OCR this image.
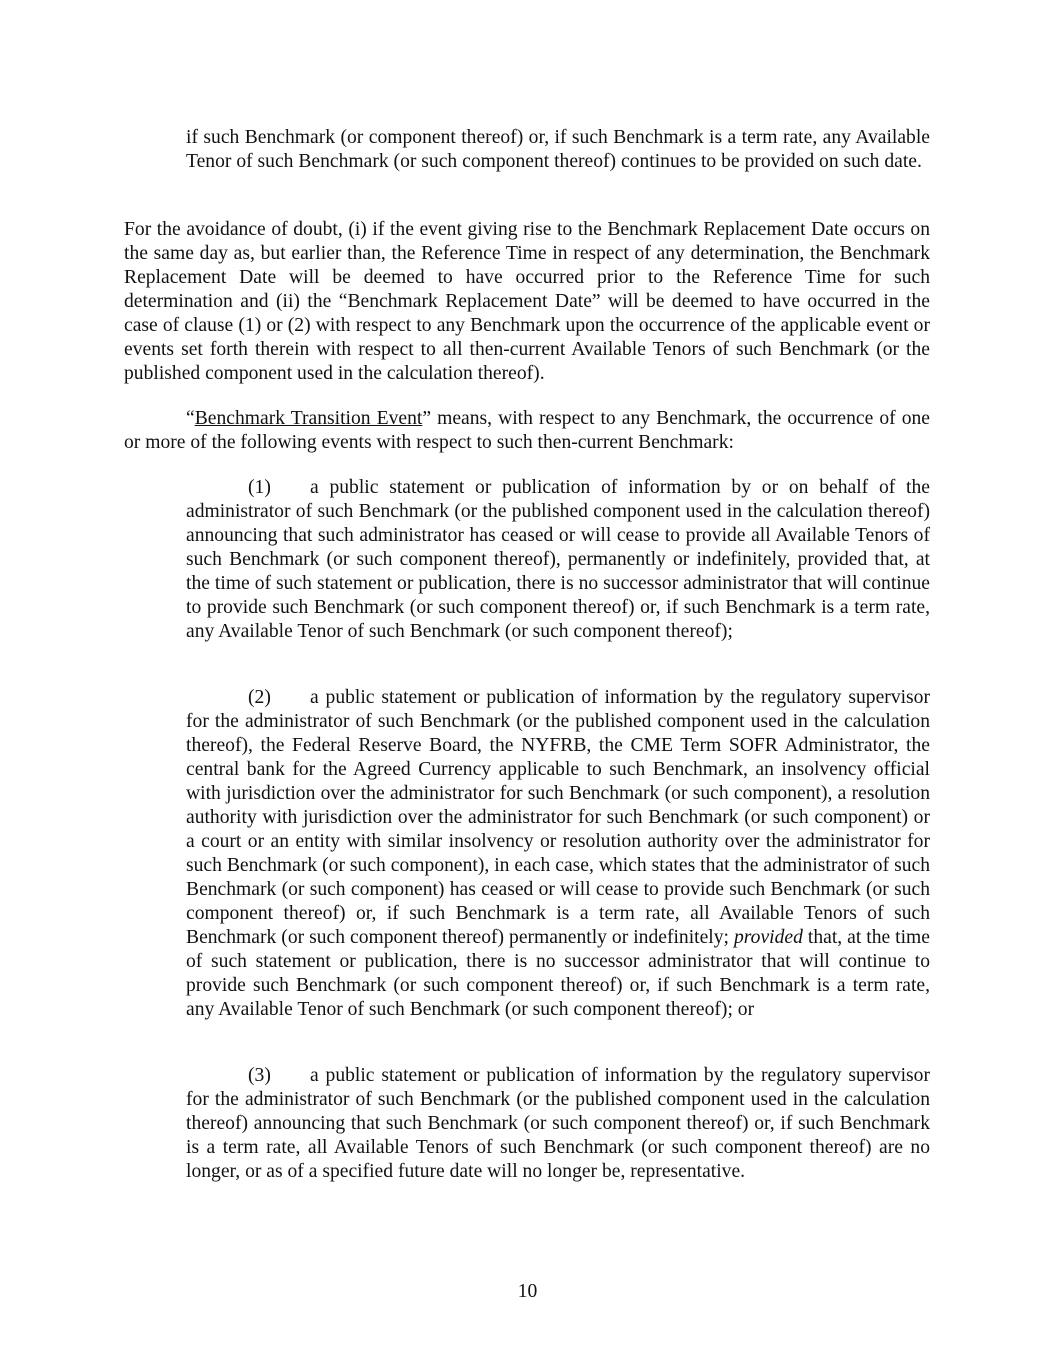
if such Benchmark (or component thereof) or, if such Benchmark is a term rate, any Available Tenor of such Benchmark (or such component thereof) continues to be provided on such date.

For the avoidance of doubt, (i) if the event giving rise to the Benchmark Replacement Date occurs on the same day as, but earlier than, the Reference Time in respect of any determination, the Benchmark Replacement Date will be deemed to have occurred prior to the Reference Time for such determination and (ii) the “Benchmark Replacement Date” will be deemed to have occurred in the case of clause (1) or (2) with respect to any Benchmark upon the occurrence of the applicable event or events set forth therein with respect to all then-current Available Tenors of such Benchmark (or the published component used in the calculation thereof).

“Benchmark Transition Event” means, with respect to any Benchmark, the occurrence of one or more of the following events with respect to such then-current Benchmark:

(1) a public statement or publication of information by or on behalf of the administrator of such Benchmark (or the published component used in the calculation thereof) announcing that such administrator has ceased or will cease to provide all Available Tenors of such Benchmark (or such component thereof), permanently or indefinitely, provided that, at the time of such statement or publication, there is no successor administrator that will continue to provide such Benchmark (or such component thereof) or, if such Benchmark is a term rate, any Available Tenor of such Benchmark (or such component thereof);

(2) a public statement or publication of information by the regulatory supervisor for the administrator of such Benchmark (or the published component used in the calculation thereof), the Federal Reserve Board, the NYFRB, the CME Term SOFR Administrator, the central bank for the Agreed Currency applicable to such Benchmark, an insolvency official with jurisdiction over the administrator for such Benchmark (or such component), a resolution authority with jurisdiction over the administrator for such Benchmark (or such component) or a court or an entity with similar insolvency or resolution authority over the administrator for such Benchmark (or such component), in each case, which states that the administrator of such Benchmark (or such component) has ceased or will cease to provide such Benchmark (or such component thereof) or, if such Benchmark is a term rate, all Available Tenors of such Benchmark (or such component thereof) permanently or indefinitely; provided that, at the time of such statement or publication, there is no successor administrator that will continue to provide such Benchmark (or such component thereof) or, if such Benchmark is a term rate, any Available Tenor of such Benchmark (or such component thereof); or

(3) a public statement or publication of information by the regulatory supervisor for the administrator of such Benchmark (or the published component used in the calculation thereof) announcing that such Benchmark (or such component thereof) or, if such Benchmark is a term rate, all Available Tenors of such Benchmark (or such component thereof) are no longer, or as of a specified future date will no longer be, representative.

10
